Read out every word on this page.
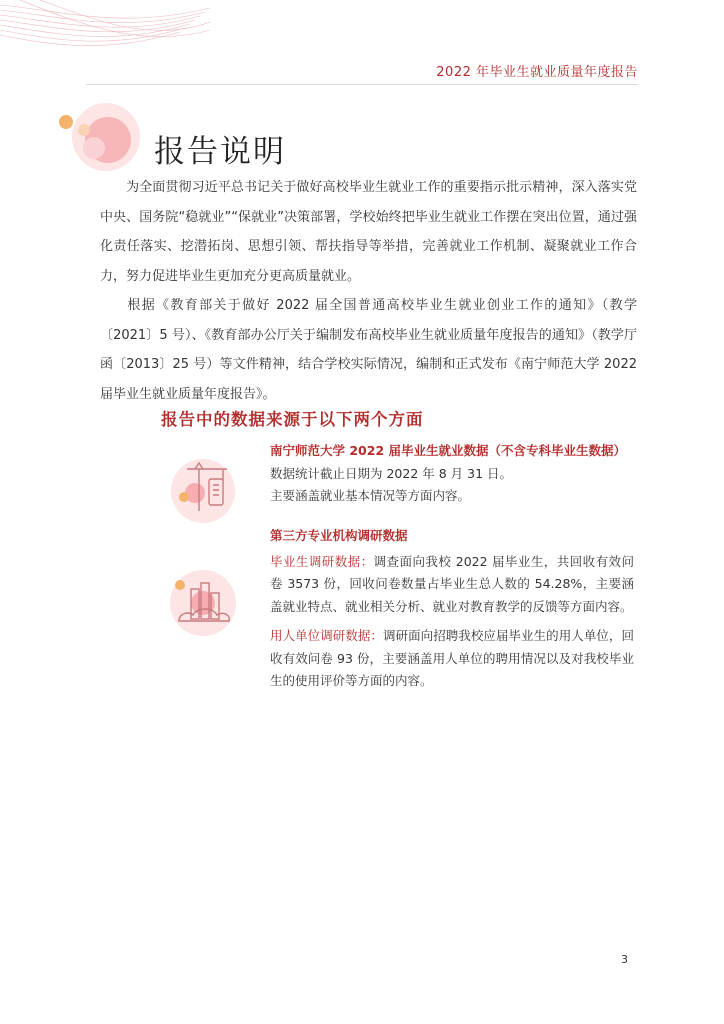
2022 年毕业生就业质量年度报告
报告说明

为全面贯彻习近平总书记关于做好高校毕业生就业工作的重要指示批示精神，深入落实党中央、国务院“稳就业”“保就业”决策部署，学校始终把毕业生就业工作摆在突出位置，通过强化责任落实、挖潜拓岗、思想引领、帮扶指导等举措，完善就业工作机制、凝聚就业工作合力，努力促进毕业生更加充分更高质量就业。

根据《教育部关于做好 2022 届全国普通高校毕业生就业创业工作的通知》（教学〔2021〕5 号）、《教育部办公厅关于编制发布高校毕业生就业质量年度报告的通知》（教学厅函〔2013〕25 号）等文件精神，结合学校实际情况，编制和正式发布《南宁师范大学 2022 届毕业生就业质量年度报告》。

报告中的数据来源于以下两个方面
南宁师范大学 2022 届毕业生就业数据（不含专科毕业生数据）
数据统计截止日期为 2022 年 8 月 31 日。
主要涵盖就业基本情况等方面内容。
第三方专业机构调研数据
毕业生调研数据：调查面向我校 2022 届毕业生，共回收有效问卷 3573 份，回收问卷数量占毕业生总人数的 54.28%，主要涵盖就业特点、就业相关分析、就业对教育教学的反馈等方面内容。
用人单位调研数据：调研面向招聘我校应届毕业生的用人单位，回收有效问卷 93 份，主要涵盖用人单位的聘用情况以及对我校毕业生的使用评价等方面的内容。
3
